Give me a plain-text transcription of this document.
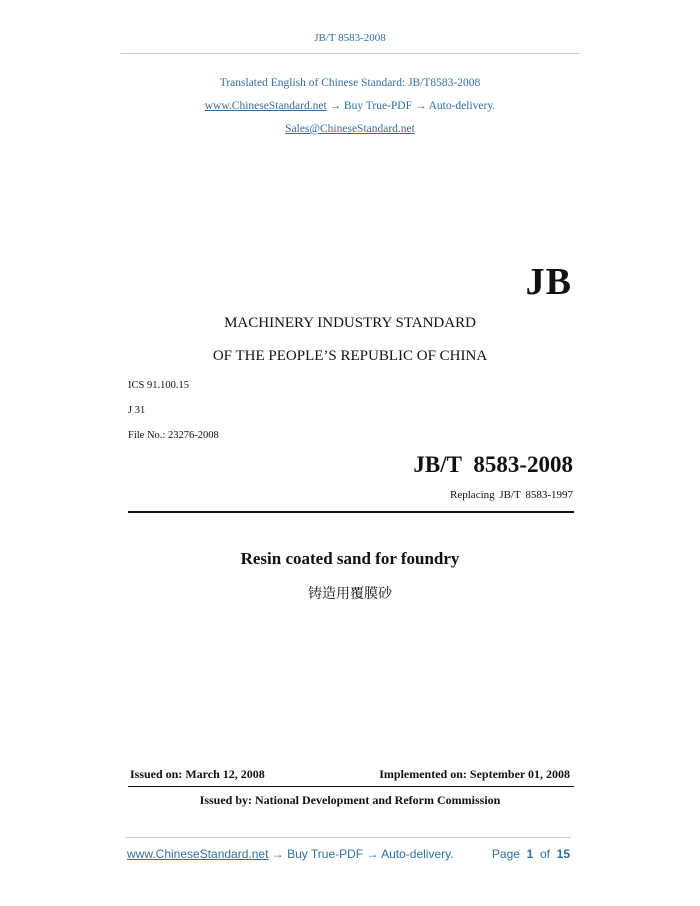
JB/T 8583-2008
Translated English of Chinese Standard: JB/T8583-2008
www.ChineseStandard.net → Buy True-PDF → Auto-delivery.
Sales@ChineseStandard.net
JB
MACHINERY INDUSTRY STANDARD
OF THE PEOPLE’S REPUBLIC OF CHINA
ICS 91.100.15
J 31
File No.: 23276-2008
JB/T 8583-2008
Replacing JB/T 8583-1997
Resin coated sand for foundry
铸造用覆膜砂
Issued on: March 12, 2008	Implemented on: September 01, 2008
Issued by: National Development and Reform Commission
www.ChineseStandard.net → Buy True-PDF → Auto-delivery.	Page 1 of 15
